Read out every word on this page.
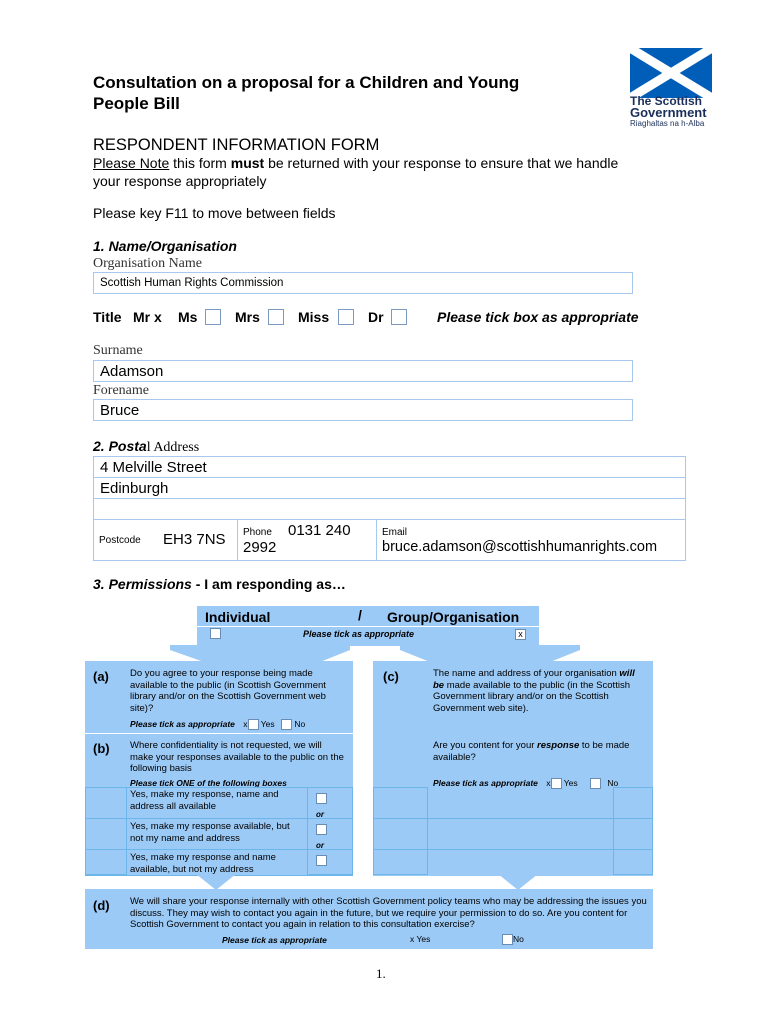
Consultation on a proposal for a Children and Young
People Bill	The Scottish
Government
Riaghaltas na h-Alba
RESPONDENT INFORMATION FORM
Please Note this form must be returned with your response to ensure that we handle
your response appropriately
Please key F11 to move between fields
1. Name/Organisation
Organisation Name
Scottish Human Rights Commission
Title Mr x Ms	Mrs	Miss	Dr	Please tick box as appropriate
Surname
Adamson
Forename
Bruce
2. Postal Address
4 Melville Street
Edinburgh
Postcode EH3 7NS Phone 0131 240
2992
Email
bruce.adamson@scottishhumanrights.com
3. Permissions - I am responding as…
Individual	/ Group/Organisation
Please tick as appropriate	x
(a) Do you agree to your response being made available to the public (in Scottish Government library and/or on the Scottish Government web site)?
Please tick as appropriate x Yes No
(b) Where confidentiality is not requested, we will make your responses available to the public on the following basis
Please tick ONE of the following boxes
Yes, make my response, name and address all available
or
Yes, make my response available, but not my name and address
or
Yes, make my response and name available, but not my address
(c)	The name and address of your organisation will be made available to the public (in the Scottish Government library and/or on the Scottish Government web site).
Are you content for your response to be made available?
Please tick as appropriate x Yes	No
(d) We will share your response internally with other Scottish Government policy teams who may be addressing the issues you discuss. They may wish to contact you again in the future, but we require your permission to do so. Are you content for Scottish Government to contact you again in relation to this consultation exercise?
Please tick as appropriate	x Yes	No
1.
